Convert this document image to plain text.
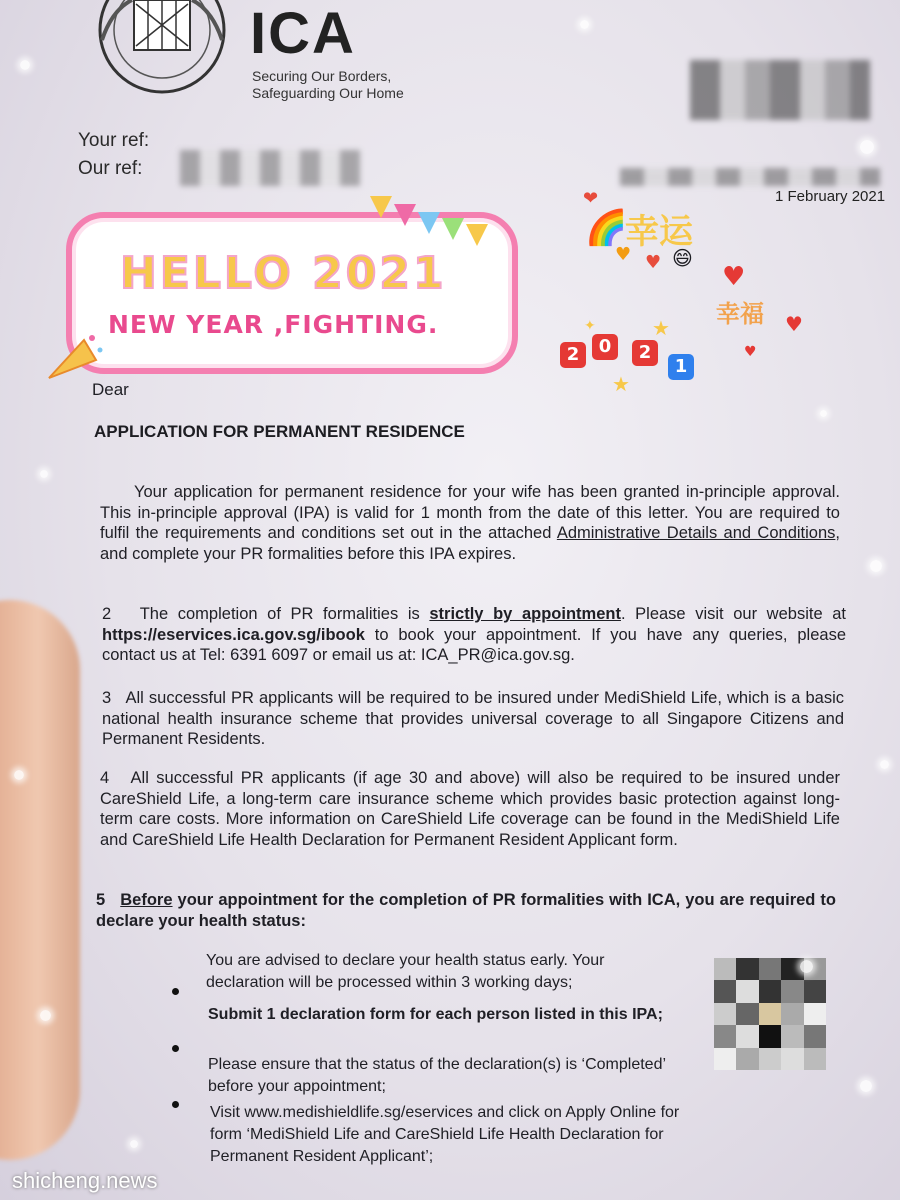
ICA
Securing Our Borders,
Safeguarding Our Home
Your ref:
Our ref:
1 February 2021
HELLO 2021
NEW YEAR ,FIGHTING.
🌈
幸运
❤
♥ ♥ 😄
♥
幸福 ♥
♥
★
★
✦
2	0	2
1
Dear
APPLICATION FOR PERMANENT RESIDENCE
Your application for permanent residence for your wife has been granted in-principle approval. This in-principle approval (IPA) is valid for 1 month from the date of this letter. You are required to fulfil the requirements and conditions set out in the attached Administrative Details and Conditions, and complete your PR formalities before this IPA expires.
2 The completion of PR formalities is strictly by appointment. Please visit our website at https://eservices.ica.gov.sg/ibook to book your appointment. If you have any queries, please contact us at Tel: 6391 6097 or email us at: ICA_PR@ica.gov.sg.
3 All successful PR applicants will be required to be insured under MediShield Life, which is a basic national health insurance scheme that provides universal coverage to all Singapore Citizens and Permanent Residents.
4 All successful PR applicants (if age 30 and above) will also be required to be insured under CareShield Life, a long-term care insurance scheme which provides basic protection against long-term care costs. More information on CareShield Life coverage can be found in the MediShield Life and CareShield Life Health Declaration for Permanent Resident Applicant form.
5 Before your appointment for the completion of PR formalities with ICA, you are required to declare your health status:
You are advised to declare your health status early. Your declaration will be processed within 3 working days;
Submit 1 declaration form for each person listed in this IPA;
Please ensure that the status of the declaration(s) is ‘Completed’ before your appointment;
Visit www.medishieldlife.sg/eservices and click on Apply Online for form ‘MediShield Life and CareShield Life Health Declaration for Permanent Resident Applicant’;
shicheng.news
